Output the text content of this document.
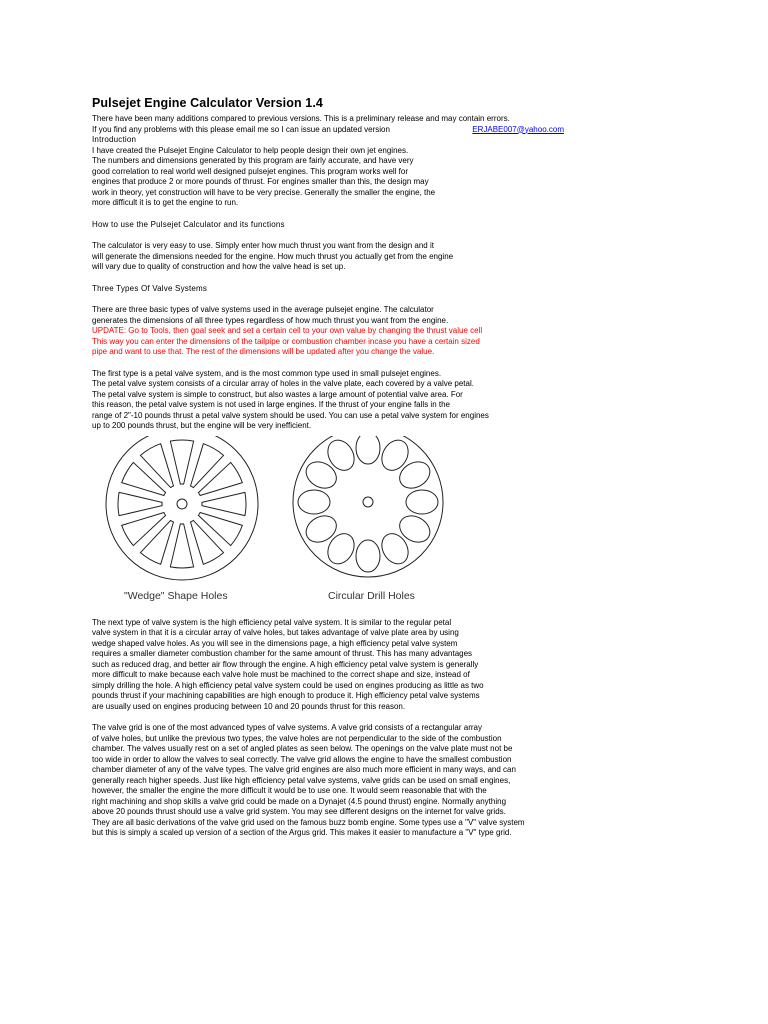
Pulsejet Engine Calculator Version 1.4
There have been many additions compared to previous versions. This is a preliminary release and may contain errors.
If you find any problems with this please email me so I can issue an updated version	ERJABE007@yahoo.com
Introduction
I have created the Pulsejet Engine Calculator to help people design their own jet engines.
The numbers and dimensions generated by this program are fairly accurate, and have very
good correlation to real world well designed pulsejet engines. This program works well for
engines that produce 2 or more pounds of thrust. For engines smaller than this, the design may
work in theory, yet construction will have to be very precise. Generally the smaller the engine, the
more difficult it is to get the engine to run.
How to use the Pulsejet Calculator and its functions
The calculator is very easy to use. Simply enter how much thrust you want from the design and it
will generate the dimensions needed for the engine. How much thrust you actually get from the engine
will vary due to quality of construction and how the valve head is set up.
Three Types Of Valve Systems
There are three basic types of valve systems used in the average pulsejet engine. The calculator
generates the dimensions of all three types regardless of how much thrust you want from the engine.
UPDATE: Go to Tools, then goal seek and set a certain cell to your own value by changing the thrust value cell
This way you can enter the dimensions of the tailpipe or combustion chamber incase you have a certain sized
pipe and want to use that. The rest of the dimensions will be updated after you change the value.
The first type is a petal valve system, and is the most common type used in small pulsejet engines.
The petal valve system consists of a circular array of holes in the valve plate, each covered by a valve petal.
The petal valve system is simple to construct, but also wastes a large amount of potential valve area. For
this reason, the petal valve system is not used in large engines. If the thrust of your engine falls in the
range of 2"-10 pounds thrust a petal valve system should be used. You can use a petal valve system for engines
up to 200 pounds thrust, but the engine will be very inefficient.
"Wedge" Shape Holes	Circular Drill Holes
The next type of valve system is the high efficiency petal valve system. It is similar to the regular petal
valve system in that it is a circular array of valve holes, but takes advantage of valve plate area by using
wedge shaped valve holes. As you will see in the dimensions page, a high efficiency petal valve system
requires a smaller diameter combustion chamber for the same amount of thrust. This has many advantages
such as reduced drag, and better air flow through the engine. A high efficiency petal valve system is generally
more difficult to make because each valve hole must be machined to the correct shape and size, instead of
simply drilling the hole. A high efficiency petal valve system could be used on engines producing as little as two
pounds thrust if your machining capabilities are high enough to produce it. High efficiency petal valve systems
are usually used on engines producing between 10 and 20 pounds thrust for this reason.
The valve grid is one of the most advanced types of valve systems. A valve grid consists of a rectangular array
of valve holes, but unlike the previous two types, the valve holes are not perpendicular to the side of the combustion
chamber. The valves usually rest on a set of angled plates as seen below. The openings on the valve plate must not be
too wide in order to allow the valves to seal correctly. The valve grid allows the engine to have the smallest combustion
chamber diameter of any of the valve types. The valve grid engines are also much more efficient in many ways, and can
generally reach higher speeds. Just like high efficiency petal valve systems, valve grids can be used on small engines,
however, the smaller the engine the more difficult it would be to use one. It would seem reasonable that with the
right machining and shop skills a valve grid could be made on a Dynajet (4.5 pound thrust) engine. Normally anything
above 20 pounds thrust should use a valve grid system. You may see different designs on the internet for valve grids.
They are all basic derivations of the valve grid used on the famous buzz bomb engine. Some types use a "V" valve system
but this is simply a scaled up version of a section of the Argus grid. This makes it easier to manufacture a "V" type grid.
